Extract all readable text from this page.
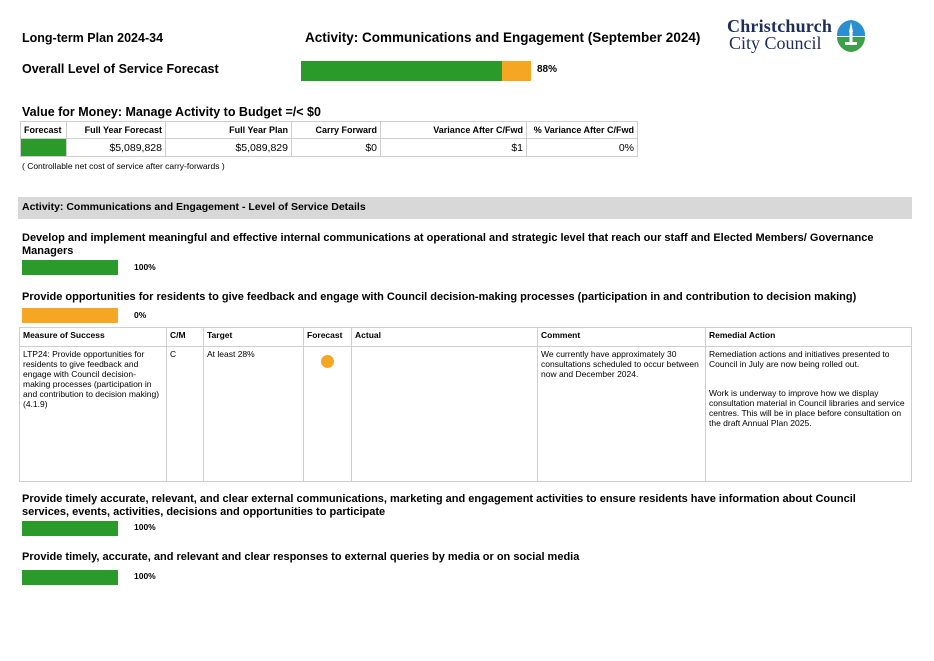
Long-term Plan 2024-34	Activity: Communications and Engagement (September 2024)
Christchurch
City Council
Overall Level of Service Forecast	88%
Value for Money: Manage Activity to Budget =/< $0
Forecast	Full Year Forecast	Full Year Plan	Carry Forward	Variance After C/Fwd	% Variance After C/Fwd
	$5,089,828	$5,089,829	$0	$1	0%
( Controllable net cost of service after carry-forwards )
Activity: Communications and Engagement - Level of Service Details
Develop and implement meaningful and effective internal communications at operational and strategic level that reach our staff and Elected Members/ Governance Managers
100%
Provide opportunities for residents to give feedback and engage with Council decision-making processes (participation in and contribution to decision making)
0%
Measure of Success	C/M	Target	Forecast	Actual	Comment	Remedial Action
LTP24: Provide opportunities for residents to give feedback and engage with Council decision-making processes (participation in and contribution to decision making) (4.1.9)	C	At least 28%			We currently have approximately 30 consultations scheduled to occur between now and December 2024.	Remediation actions and initiatives presented to Council in July are now being rolled out.
Work is underway to improve how we display consultation material in Council libraries and service centres. This will be in place before consultation on the draft Annual Plan 2025.
Provide timely accurate, relevant, and clear external communications, marketing and engagement activities to ensure residents have information about Council services, events, activities, decisions and opportunities to participate
100%
Provide timely, accurate, and relevant and clear responses to external queries by media or on social media
100%
